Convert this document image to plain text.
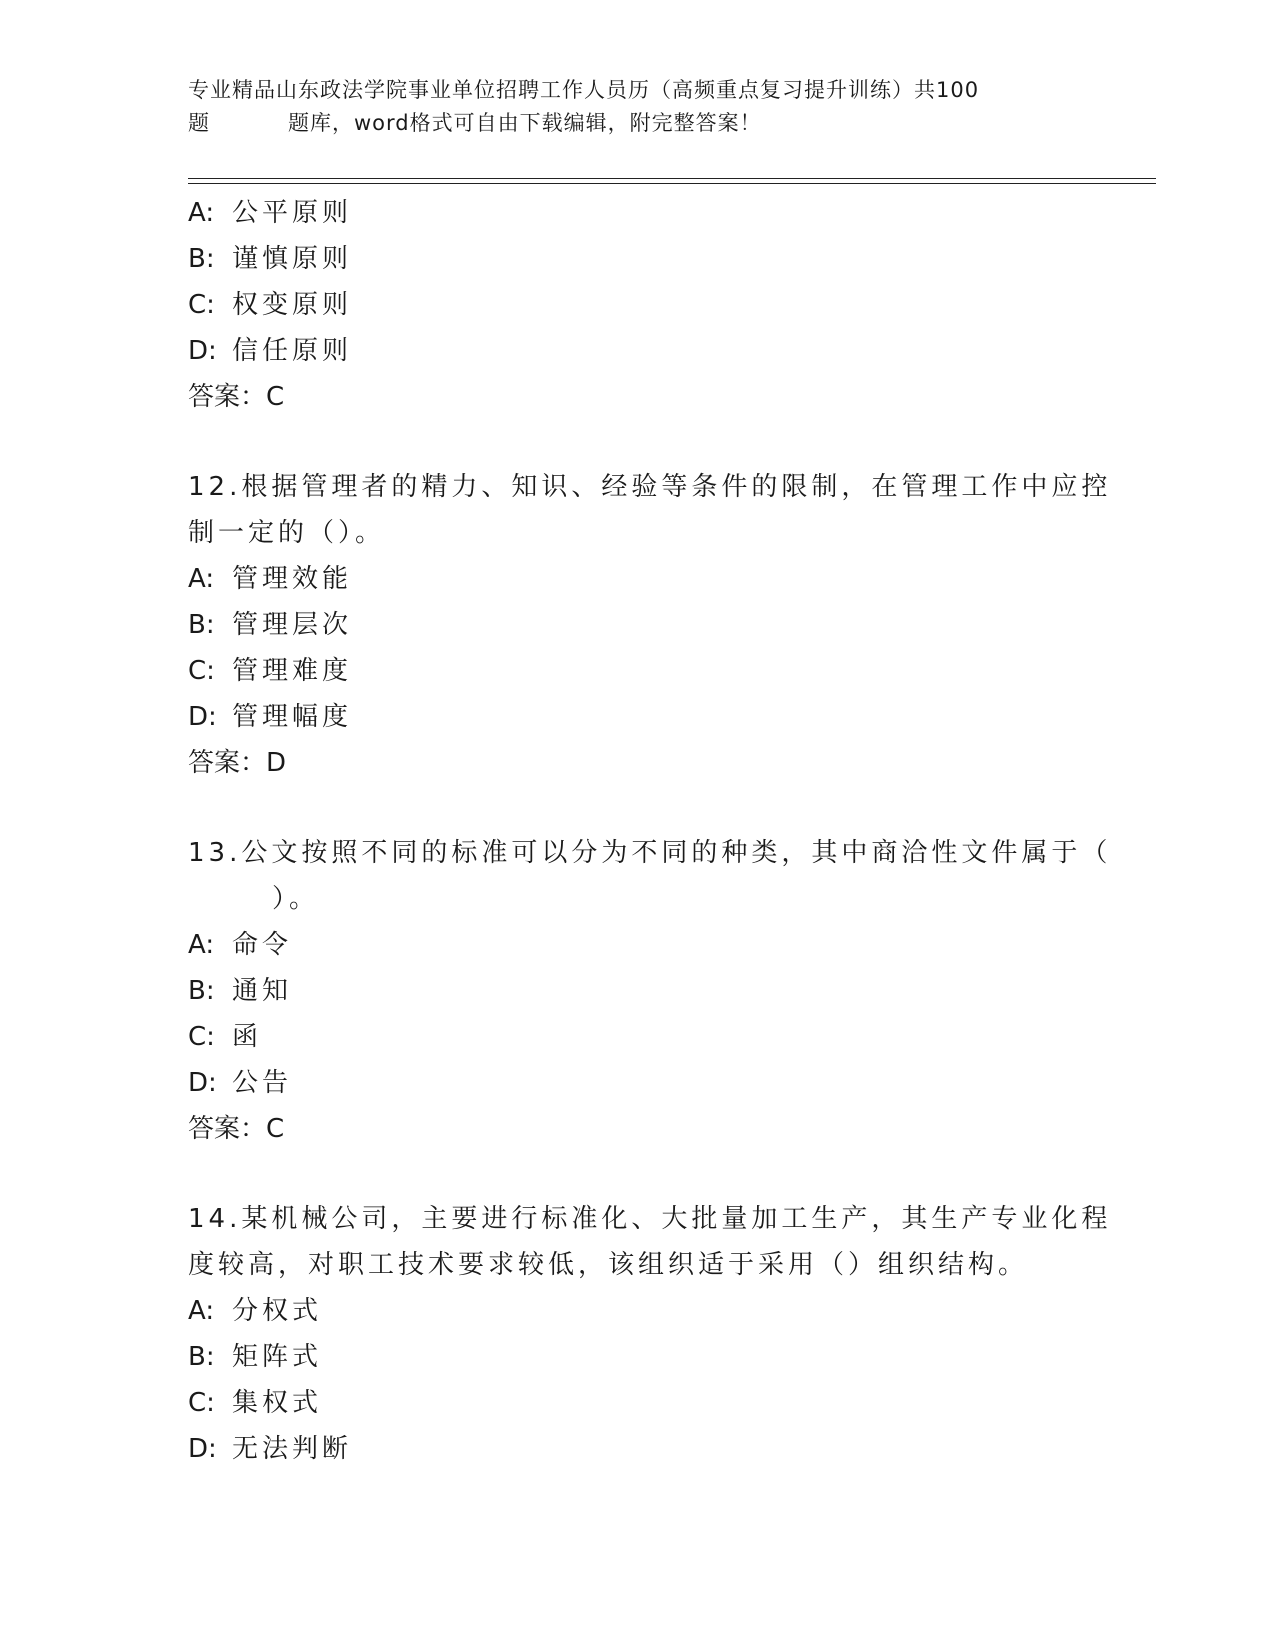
专业精品山东政法学院事业单位招聘工作人员历（高频重点复习提升训练）共100
题	题库，word格式可自由下载编辑，附完整答案！
A: 公平原则
B: 谨慎原则
C: 权变原则
D: 信任原则
答案：C
12.根据管理者的精力、知识、经验等条件的限制，在管理工作中应控
制一定的（）。
A: 管理效能
B: 管理层次
C: 管理难度
D: 管理幅度
答案：D
13.公文按照不同的标准可以分为不同的种类，其中商洽性文件属于（
）。
A: 命令
B: 通知
C: 函
D: 公告
答案：C
14.某机械公司，主要进行标准化、大批量加工生产，其生产专业化程
度较高，对职工技术要求较低，该组织适于采用（）组织结构。
A: 分权式
B: 矩阵式
C: 集权式
D: 无法判断
